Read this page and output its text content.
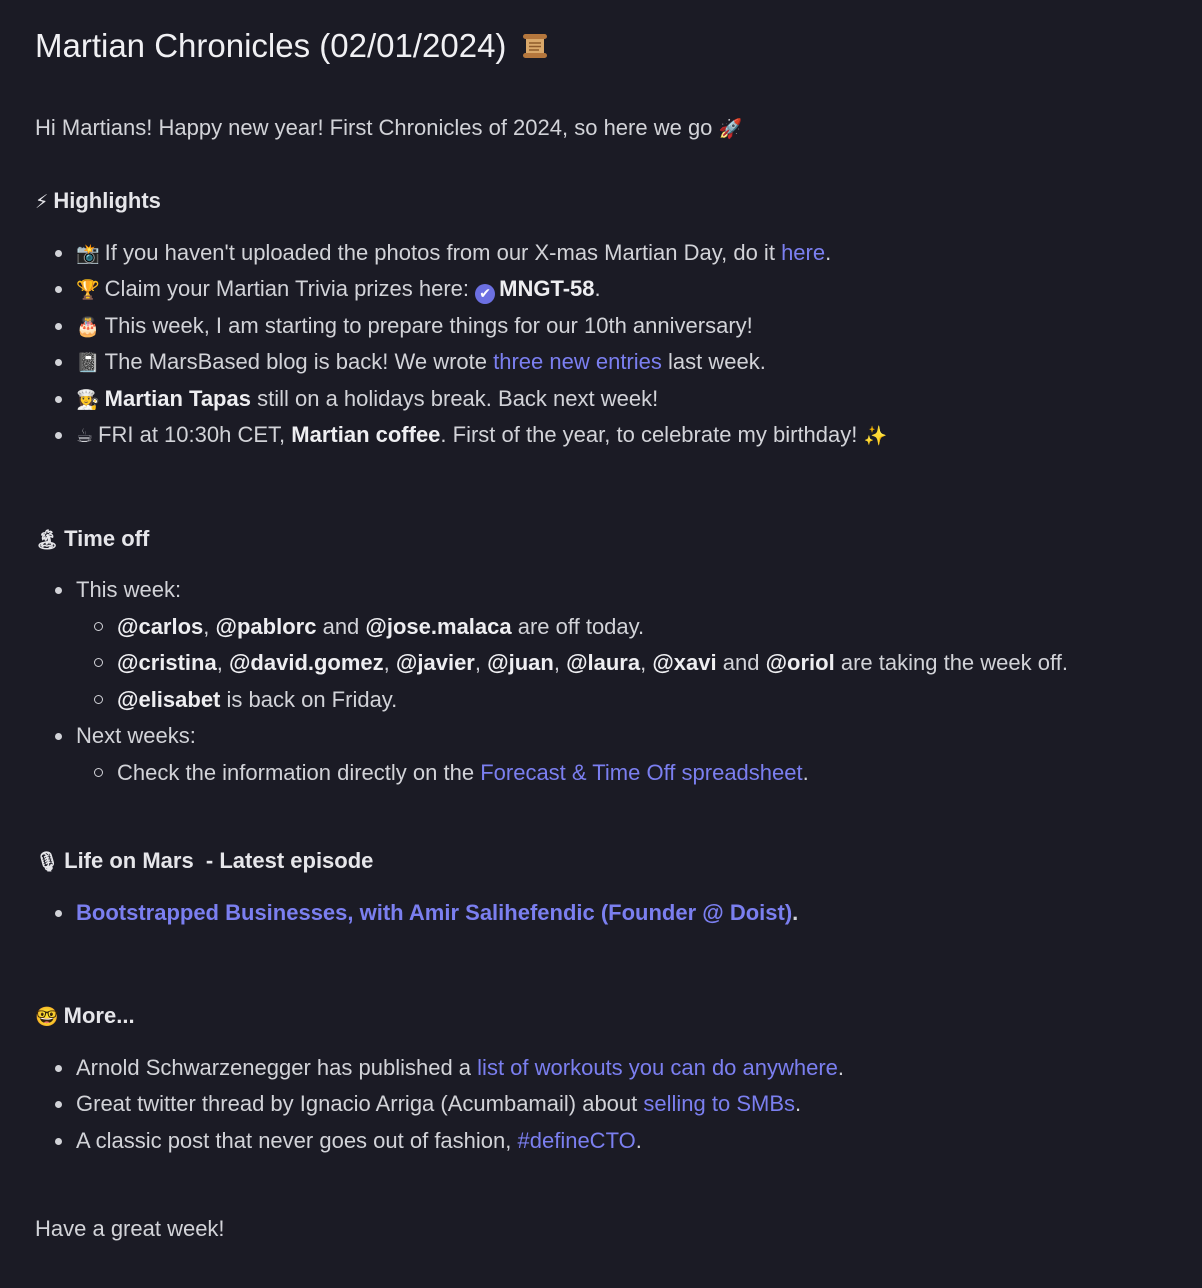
Martian Chronicles (02/01/2024)
Hi Martians! Happy new year! First Chronicles of 2024, so here we go 🚀
⚡ Highlights
📸 If you haven't uploaded the photos from our X-mas Martian Day, do it here.
🏆 Claim your Martian Trivia prizes here: ✔ MNGT-58.
🎂 This week, I am starting to prepare things for our 10th anniversary!
📓 The MarsBased blog is back! We wrote three new entries last week.
👩‍🍳 Martian Tapas still on a holidays break. Back next week!
☕ FRI at 10:30h CET, Martian coffee. First of the year, to celebrate my birthday! ✨
🏝 Time off
This week:
@carlos, @pablorc and @jose.malaca are off today.
@cristina, @david.gomez, @javier, @juan, @laura, @xavi and @oriol are taking the week off.
@elisabet is back on Friday.
Next weeks:
Check the information directly on the Forecast & Time Off spreadsheet.
🎙 Life on Mars  - Latest episode
Bootstrapped Businesses, with Amir Salihefendic (Founder @ Doist).
🤓 More...
Arnold Schwarzenegger has published a list of workouts you can do anywhere.
Great twitter thread by Ignacio Arriga (Acumbamail) about selling to SMBs.
A classic post that never goes out of fashion, #defineCTO.
Have a great week!
